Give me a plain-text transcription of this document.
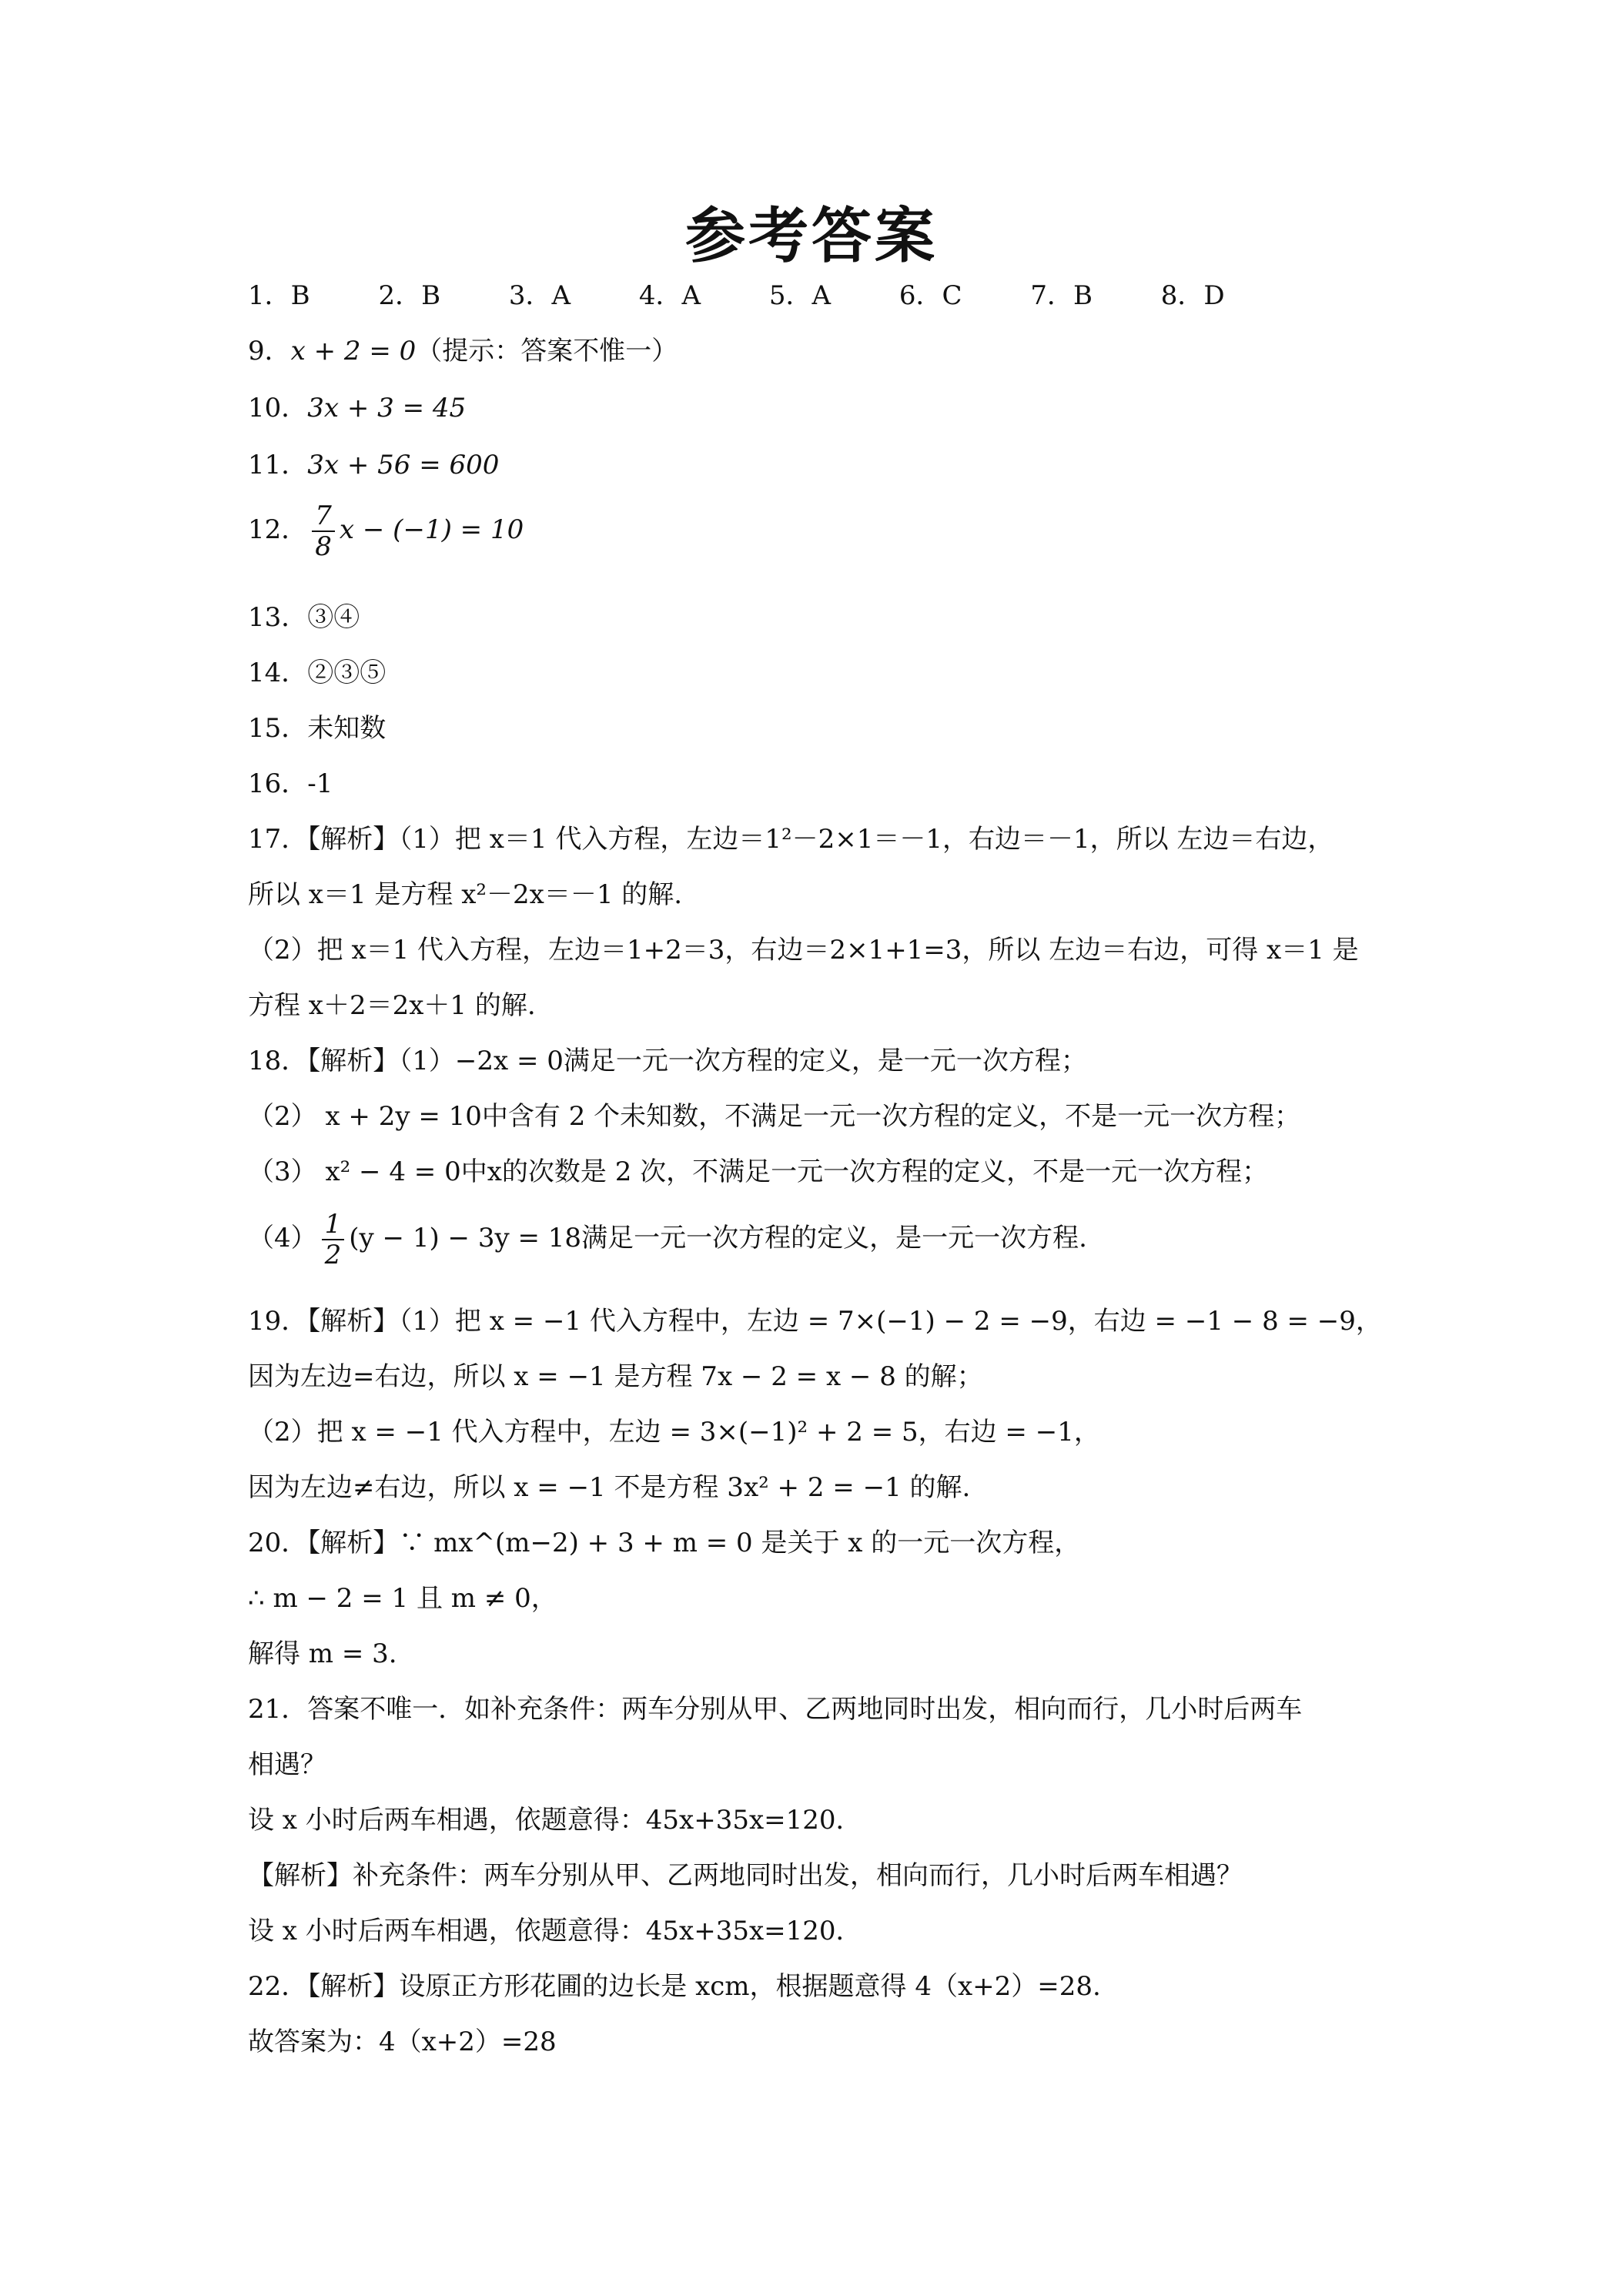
参考答案
1．B	2．B	3．A	4．A	5．A	6．C	7．B	8．D
9．x + 2 = 0（提示：答案不惟一）
10．3x + 3 = 45
11．3x + 56 = 600
12． $\frac{7}{8}$ x − (−1) = 10
13．③④
14．②③⑤
15．未知数
16．-1
17．【解析】（1）把 x＝1 代入方程，左边＝1²－2×1＝－1，右边＝－1，所以 左边＝右边，
所以 x＝1 是方程 x²－2x＝－1 的解.
（2）把 x＝1 代入方程，左边＝1+2＝3，右边＝2×1+1=3，所以 左边＝右边，可得 x＝1 是
方程 x＋2＝2x＋1 的解.
18．【解析】（1）−2x = 0满足一元一次方程的定义，是一元一次方程；
（2） x + 2y = 10中含有 2 个未知数，不满足一元一次方程的定义，不是一元一次方程；
（3） x² − 4 = 0中x的次数是 2 次，不满足一元一次方程的定义，不是一元一次方程；
$(4) \frac{1}{2} (y - 1) - 3y = 18$满足一元一次方程的定义，是一元一次方程.
19．【解析】（1）把 x = −1 代入方程中，左边 = 7×(−1) − 2 = −9，右边 = −1 − 8 = −9，
因为左边=右边，所以 x = −1 是方程 7x − 2 = x − 8 的解；
（2）把 x = −1 代入方程中，左边 = 3×(−1)² + 2 = 5，右边 = −1，
因为左边≠右边，所以 x = −1 不是方程 3x² + 2 = −1 的解.
20．【解析】∵ mx^(m−2) + 3 + m = 0 是关于 x 的一元一次方程，
∴ m − 2 = 1 且 m ≠ 0，
解得 m = 3.
21．答案不唯一．如补充条件：两车分别从甲、乙两地同时出发，相向而行，几小时后两车
相遇？
设 x 小时后两车相遇，依题意得：45x+35x=120．
【解析】补充条件：两车分别从甲、乙两地同时出发，相向而行，几小时后两车相遇？
设 x 小时后两车相遇，依题意得：45x+35x=120．
22．【解析】设原正方形花圃的边长是 xcm，根据题意得 4（x+2）=28.
故答案为：4（x+2）=28
